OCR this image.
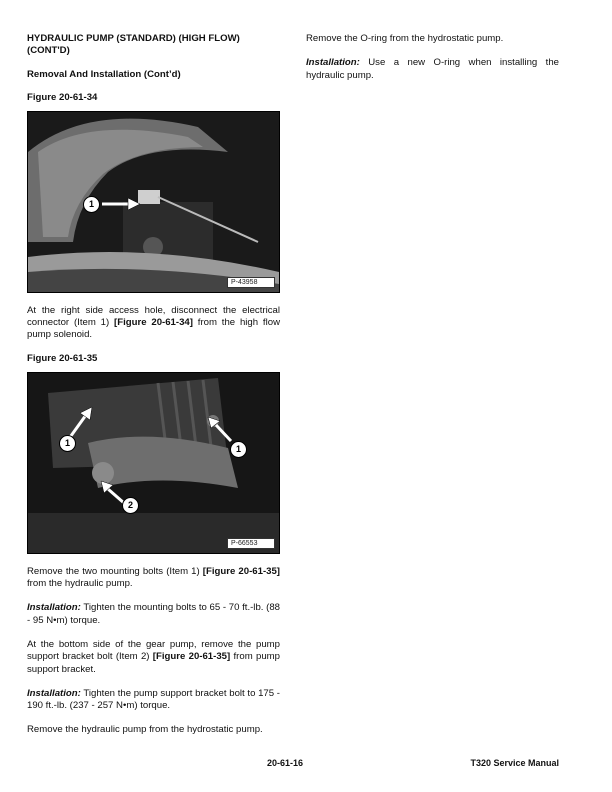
HYDRAULIC PUMP (STANDARD) (HIGH FLOW)
(CONT'D)
Removal And Installation (Cont’d)
Figure 20-61-34
1
P-43958

At the right side access hole, disconnect the electrical connector (Item 1) [Figure 20-61-34] from the high flow pump solenoid.

Figure 20-61-35
1
1
2
P-66553

Remove the two mounting bolts (Item 1) [Figure 20-61-35] from the hydraulic pump.

Installation: Tighten the mounting bolts to 65 - 70 ft.-lb. (88 - 95 N•m) torque.

At the bottom side of the gear pump, remove the pump support bracket bolt (Item 2) [Figure 20-61-35] from pump support bracket.

Installation: Tighten the pump support bracket bolt to 175 - 190 ft.-lb. (237 - 257 N•m) torque.

Remove the hydraulic pump from the hydrostatic pump.

Remove the O-ring from the hydrostatic pump.

Installation: Use a new O-ring when installing the hydraulic pump.

20-61-16	T320 Service Manual
